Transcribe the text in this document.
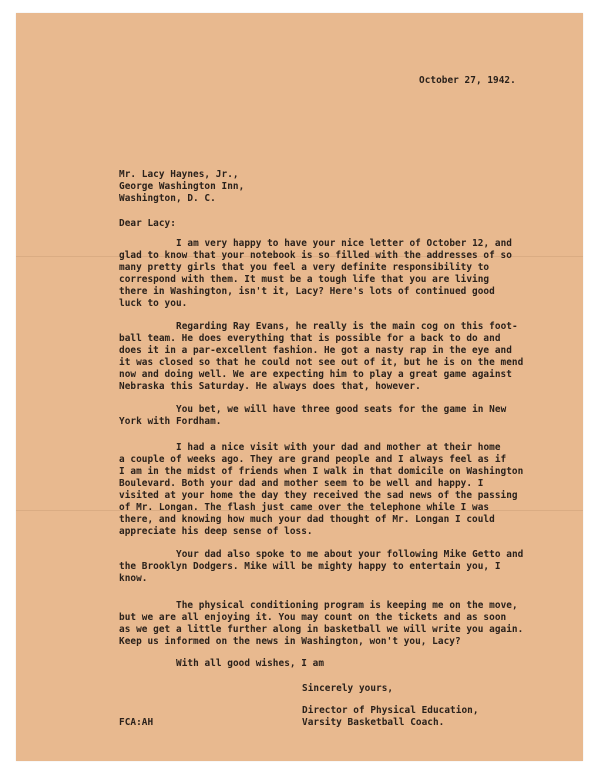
October 27, 1942.
Mr. Lacy Haynes, Jr.,
George Washington Inn,
Washington, D. C.
Dear Lacy:
I am very happy to have your nice letter of October 12, and
glad to know that your notebook is so filled with the addresses of so
many pretty girls that you feel a very definite responsibility to
correspond with them. It must be a tough life that you are living
there in Washington, isn't it, Lacy? Here's lots of continued good
luck to you.
Regarding Ray Evans, he really is the main cog on this foot-
ball team. He does everything that is possible for a back to do and
does it in a par-excellent fashion. He got a nasty rap in the eye and
it was closed so that he could not see out of it, but he is on the mend
now and doing well. We are expecting him to play a great game against
Nebraska this Saturday. He always does that, however.
You bet, we will have three good seats for the game in New
York with Fordham.
I had a nice visit with your dad and mother at their home
a couple of weeks ago. They are grand people and I always feel as if
I am in the midst of friends when I walk in that domicile on Washington
Boulevard. Both your dad and mother seem to be well and happy. I
visited at your home the day they received the sad news of the passing
of Mr. Longan. The flash just came over the telephone while I was
there, and knowing how much your dad thought of Mr. Longan I could
appreciate his deep sense of loss.
Your dad also spoke to me about your following Mike Getto and
the Brooklyn Dodgers. Mike will be mighty happy to entertain you, I
know.
The physical conditioning program is keeping me on the move,
but we are all enjoying it. You may count on the tickets and as soon
as we get a little further along in basketball we will write you again.
Keep us informed on the news in Washington, won't you, Lacy?
With all good wishes, I am
Sincerely yours,
Director of Physical Education,
Varsity Basketball Coach.
FCA:AH
